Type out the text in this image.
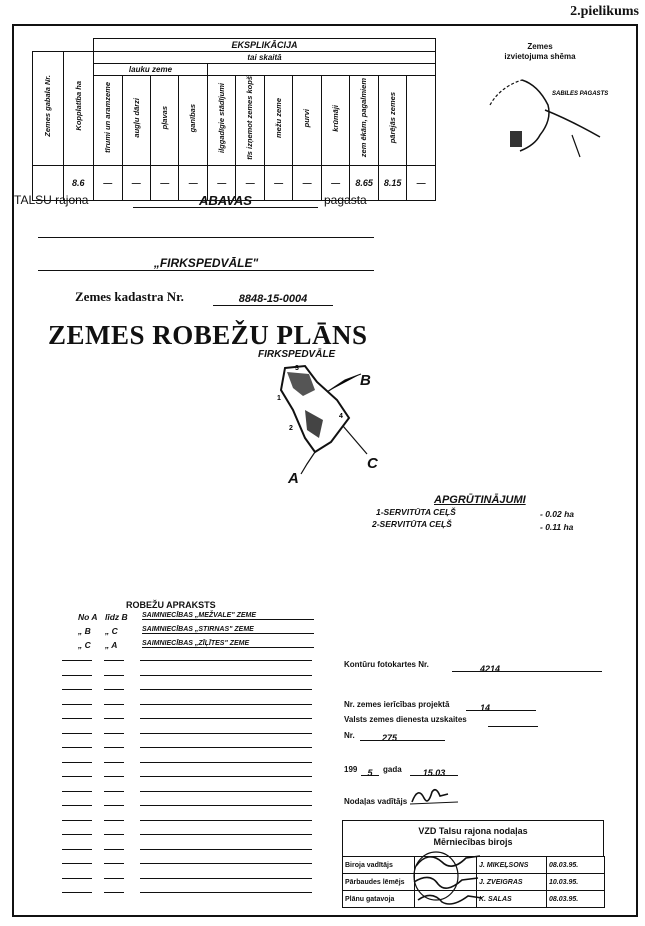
2.pielikums
		EKSPLIKĀCIJA											
Zemes gabala Nr.	Kopplatība ha	tai skaitā											
		lauku zeme											
		tīrumi un aramzeme	augļu dārzi	pļavas	ganības	ilggadīgie stādījumi	tīs izņemot zemes kopš	mežu zeme	purvi	krūmāji	zem ēkām, pagalmiem	pārējās zemes	
	8.6	—	—	—	—	—	—	—	—	—	8.65	8.15	—
Zemes
izvietojuma shēma
SABILES PAGASTS
TALSU rajona	ABAVAS	pagasta
„FIRKSPEDVĀLE"
Zemes kadastra Nr.	8848-15-0004
ZEMES ROBEŽU PLĀNS
FIRKSPEDVĀLE
1
2
3
4
A
B
C
APGRŪTINĀJUMI
1-SERVITŪTA CEĻŠ	- 0.02 ha
2-SERVITŪTA CEĻŠ	- 0.11 ha
ROBEŽU APRAKSTS
No A līdz B SAIMNIECĪBAS „MEŽVALE" ZEME
„ B „ C	SAIMNIECĪBAS „STIRNAS" ZEME
„ C „ A	SAIMNIECĪBAS „ZĪĻĪTES" ZEME
Kontūru fotokartes Nr.	4214
Nr. zemes ierīcības projektā	14
Valsts zemes dienesta uzskaites
Nr.	275
199	5	gada	15.03
Nodaļas vadītājs
VZD Talsu rajona nodaļas
Mērniecības birojs
Biroja vadītājs		J. MIKEĻSONS	08.03.95.
Pārbaudes lēmējs		J. ZVEIGRAS	10.03.95.
Plānu gatavoja		K. SALAS	08.03.95.
